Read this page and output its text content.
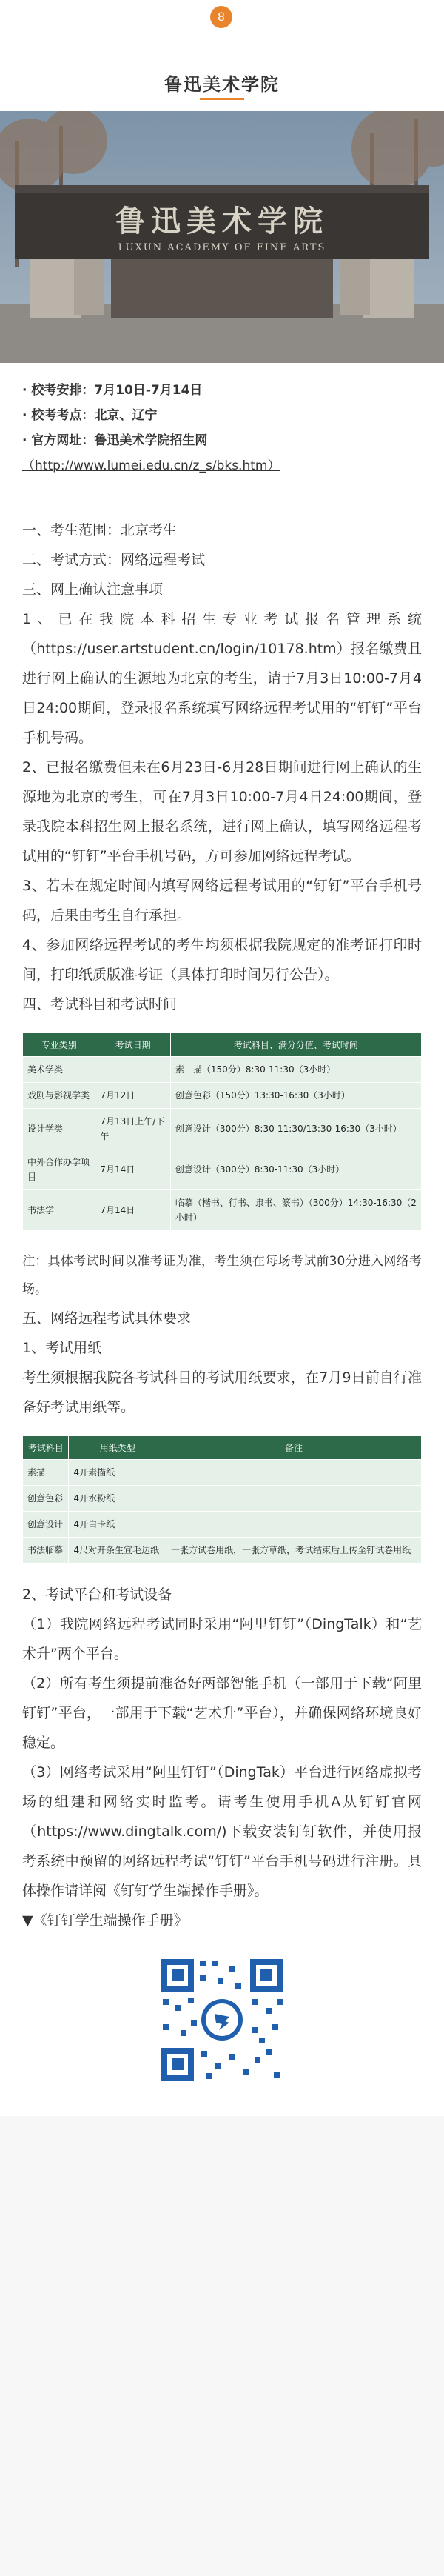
8
鲁迅美术学院
鲁迅美术学院
LUXUN ACADEMY OF FINE ARTS

· 校考安排：7月10日-7月14日

· 校考考点：北京、辽宁

· 官方网址：鲁迅美术学院招生网

（http://www.lumei.edu.cn/z_s/bks.htm）

一、考生范围：北京考生

二、考试方式：网络远程考试

三、网上确认注意事项

1、已在我院本科招生专业考试报名管理系统（https://user.artstudent.cn/login/10178.htm）报名缴费且进行网上确认的生源地为北京的考生，请于7月3日10:00-7月4日24:00期间，登录报名系统填写网络远程考试用的“钉钉”平台手机号码。

2、已报名缴费但未在6月23日-6月28日期间进行网上确认的生源地为北京的考生，可在7月3日10:00-7月4日24:00期间，登录我院本科招生网上报名系统，进行网上确认，填写网络远程考试用的“钉钉”平台手机号码，方可参加网络远程考试。

3、若未在规定时间内填写网络远程考试用的“钉钉”平台手机号码，后果由考生自行承担。

4、参加网络远程考试的考生均须根据我院规定的准考证打印时间，打印纸质版准考证（具体打印时间另行公告）。

四、考试科目和考试时间

专业类别	考试日期	考试科目、满分分值、考试时间
美术学类		素　描（150分）8:30-11:30（3小时）
戏剧与影视学类	7月12日	创意色彩（150分）13:30-16:30（3小时）
设计学类	7月13日上午/下午	创意设计（300分）8:30-11:30/13:30-16:30（3小时）
中外合作办学项目	7月14日	创意设计（300分）8:30-11:30（3小时）
书法学	7月14日	临摹（楷书、行书、隶书、篆书）（300分）14:30-16:30（2小时）

注：具体考试时间以准考证为准，考生须在每场考试前30分进入网络考场。

五、网络远程考试具体要求

1、考试用纸

考生须根据我院各考试科目的考试用纸要求，在7月9日前自行准备好考试用纸等。

考试科目	用纸类型	备注
素描	4开素描纸	
创意色彩	4开水粉纸	
创意设计	4开白卡纸	
书法临摹	4尺对开条生宣毛边纸	一张方试卷用纸，一张方草纸，考试结束后上传至钉试卷用纸

2、考试平台和考试设备

（1）我院网络远程考试同时采用“阿里钉钉”（DingTalk）和“艺术升”两个平台。

（2）所有考生须提前准备好两部智能手机（一部用于下载“阿里钉钉”平台，一部用于下载“艺术升”平台），并确保网络环境良好稳定。

（3）网络考试采用“阿里钉钉”（DingTak）平台进行网络虚拟考场的组建和网络实时监考。请考生使用手机A从钉钉官网（https://www.dingtalk.com/)下载安装钉钉软件，并使用报考系统中预留的网络远程考试“钉钉”平台手机号码进行注册。具体操作请详阅《钉钉学生端操作手册》。

▼《钉钉学生端操作手册》
